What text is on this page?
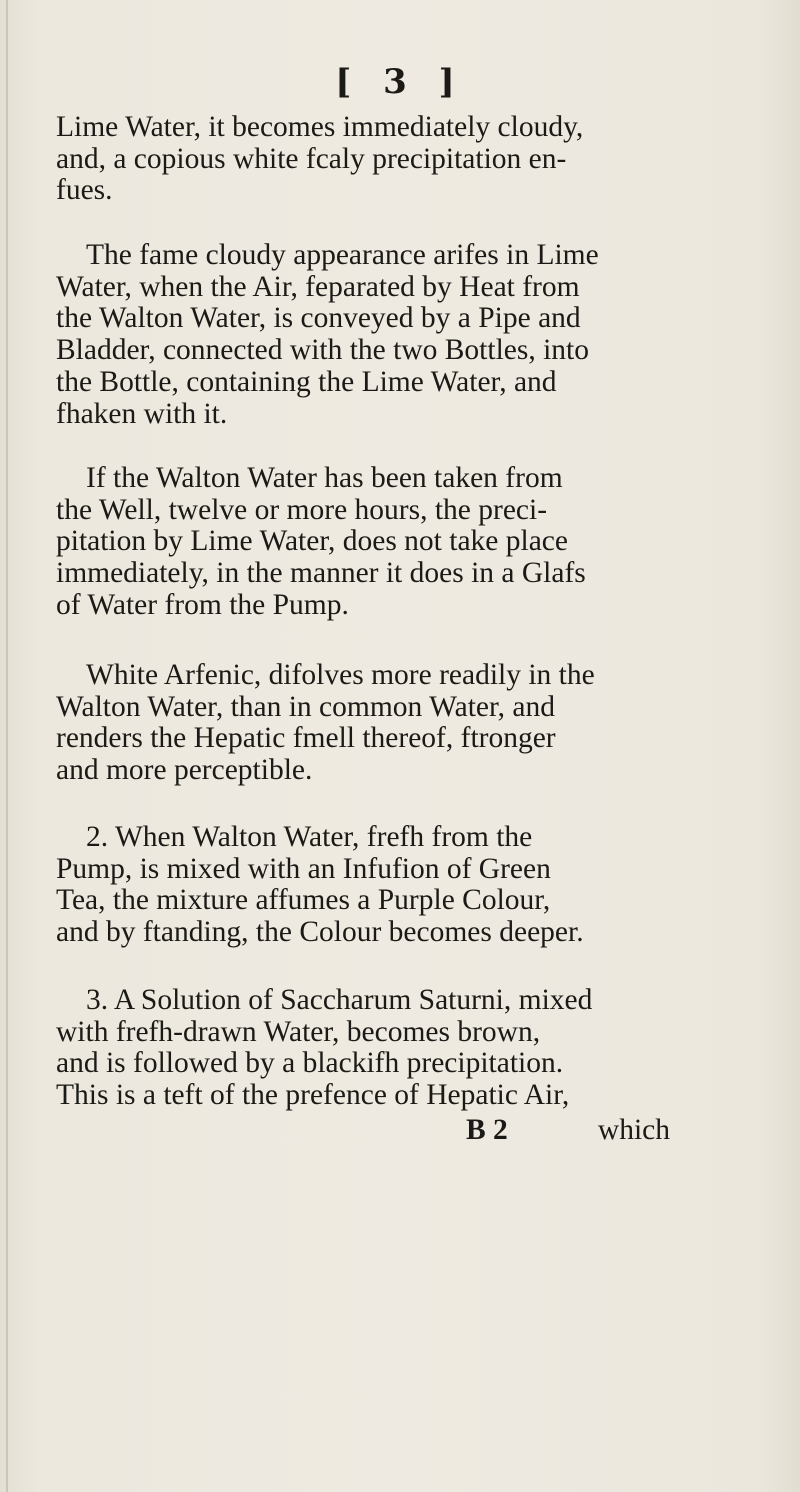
[ 3 ]
Lime Water, it becomes immediately cloudy,
and, a copious white fcaly precipitation en-
fues.
The fame cloudy appearance arifes in Lime
Water, when the Air, feparated by Heat from
the Walton Water, is conveyed by a Pipe and
Bladder, connected with the two Bottles, into
the Bottle, containing the Lime Water, and
fhaken with it.
If the Walton Water has been taken from
the Well, twelve or more hours, the preci-
pitation by Lime Water, does not take place
immediately, in the manner it does in a Glafs
of Water from the Pump.
White Arfenic, difolves more readily in the
Walton Water, than in common Water, and
renders the Hepatic fmell thereof, ftronger
and more perceptible.
2. When Walton Water, frefh from the
Pump, is mixed with an Infufion of Green
Tea, the mixture affumes a Purple Colour,
and by ftanding, the Colour becomes deeper.
3. A Solution of Saccharum Saturni, mixed
with frefh-drawn Water, becomes brown,
and is followed by a blackifh precipitation.
This is a teft of the prefence of Hepatic Air,
B 2	which
